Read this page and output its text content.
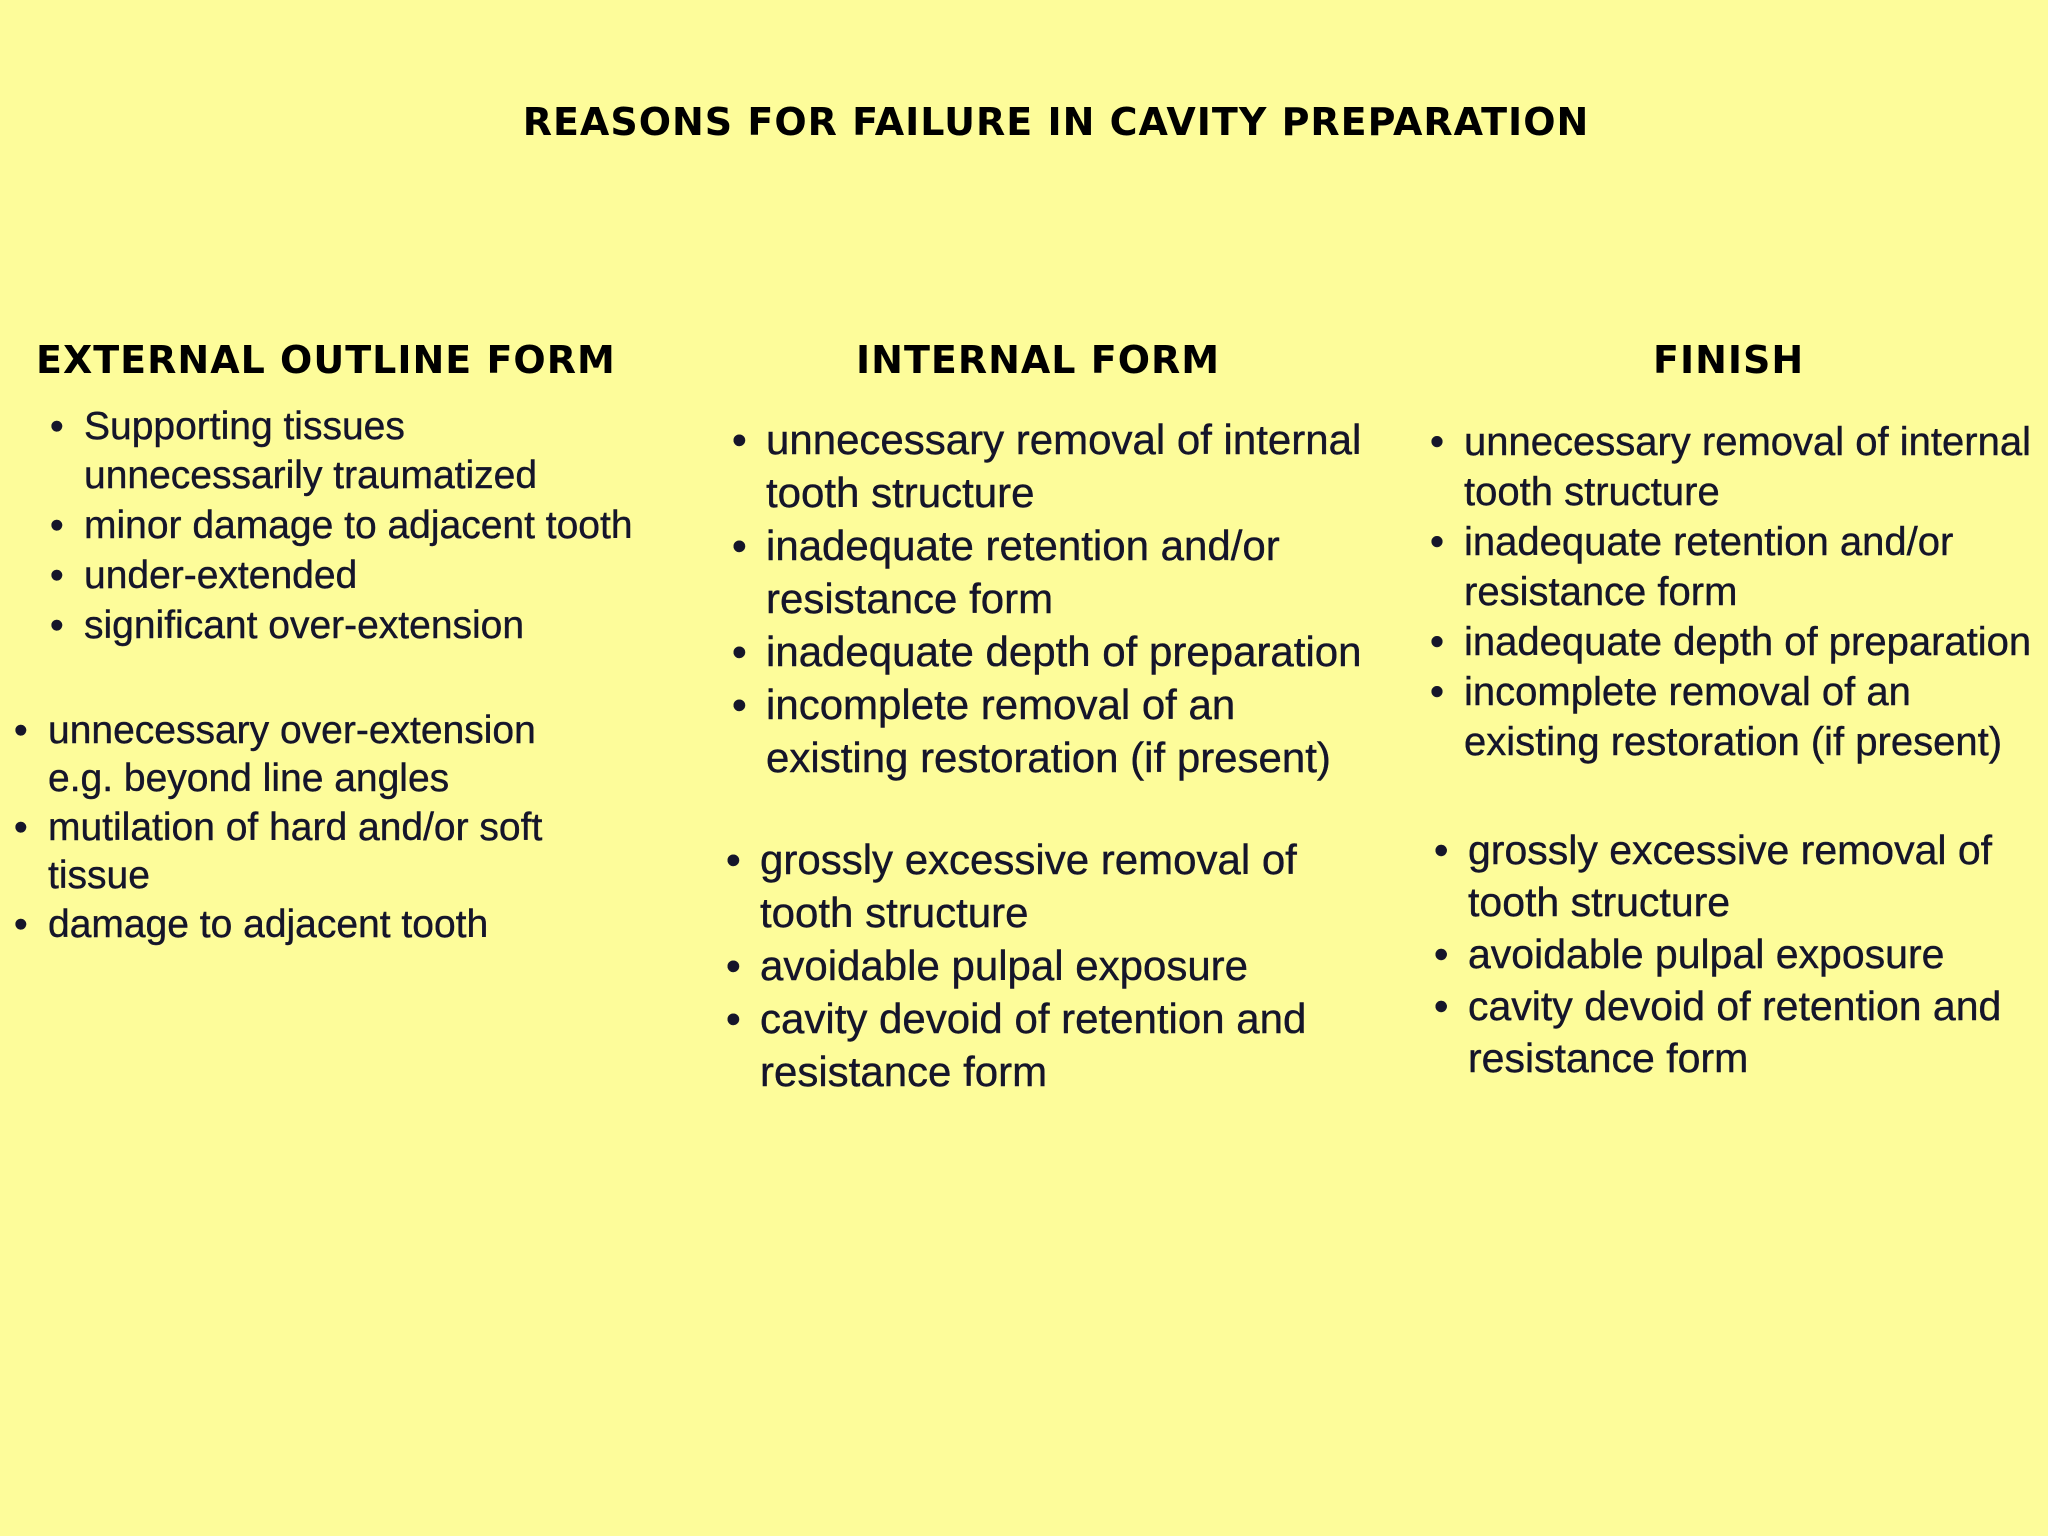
REASONS FOR FAILURE IN CAVITY PREPARATION
EXTERNAL OUTLINE FORM	INTERNAL FORM	FINISH
• Supporting tissues unnecessarily traumatized
• minor damage to adjacent tooth
• under-extended
• significant over-extension
• unnecessary over-extension e.g. beyond line angles
• mutilation of hard and/or soft tissue
• damage to adjacent tooth
• unnecessary removal of internal tooth structure
• inadequate retention and/or resistance form
• inadequate depth of preparation
• incomplete removal of an existing restoration (if present)
• grossly excessive removal of tooth structure
• avoidable pulpal exposure
• cavity devoid of retention and resistance form
• unnecessary removal of internal tooth structure
• inadequate retention and/or resistance form
• inadequate depth of preparation
• incomplete removal of an existing restoration (if present)
• grossly excessive removal of tooth structure
• avoidable pulpal exposure
• cavity devoid of retention and resistance form
